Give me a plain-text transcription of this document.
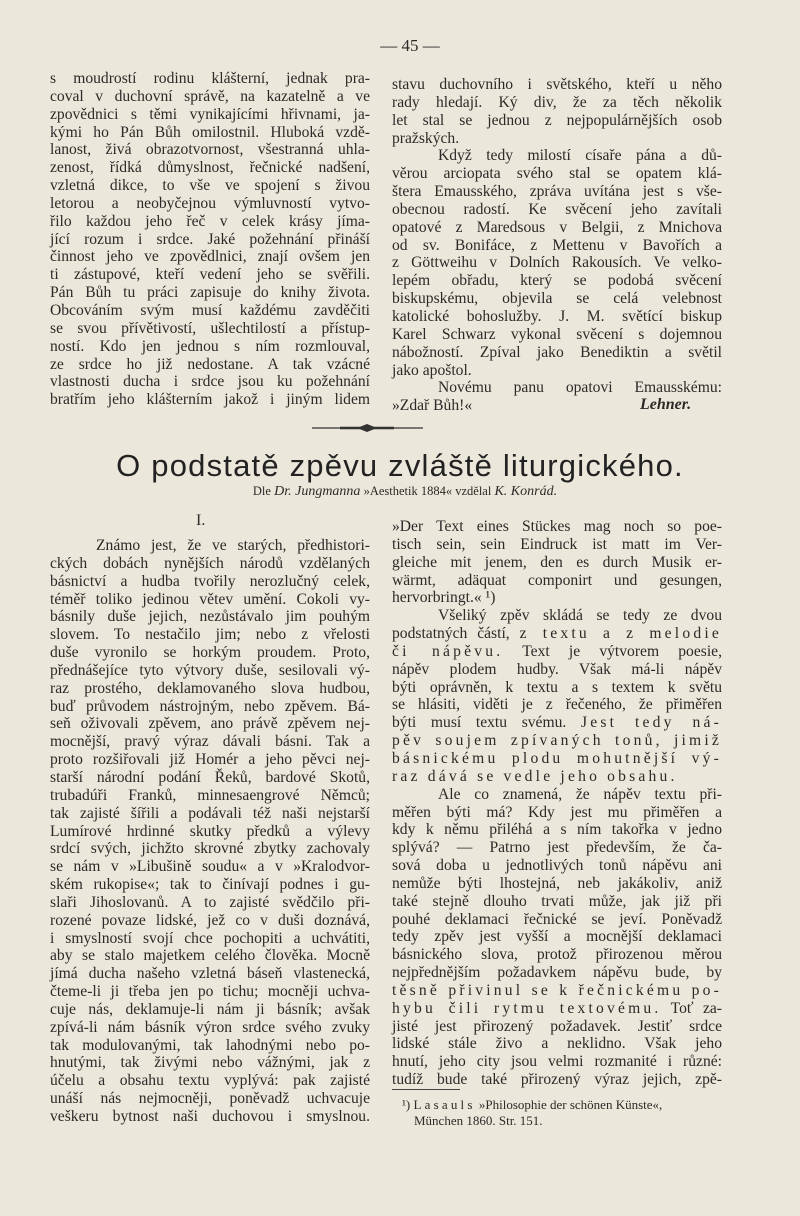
— 45 —
s moudrostí rodinu klášterní, jednak pra-
coval v duchovní správě, na kazatelně a ve
zpovědnici s těmi vynikajícími hřivnami, ja-
kými ho Pán Bůh omilostnil. Hluboká vzdě-
lanost, živá obrazotvornost, všestranná uhla-
zenost, řídká důmyslnost, řečnické nadšení,
vzletná dikce, to vše ve spojení s živou
letorou a neobyčejnou výmluvností vytvo-
řilo každou jeho řeč v celek krásy jíma-
jící rozum i srdce. Jaké požehnání přináší
činnost jeho ve zpovědlnici, znají ovšem jen
ti zástupové, kteří vedení jeho se svěřili.
Pán Bůh tu práci zapisuje do knihy života.
Obcováním svým musí každému zavděčiti
se svou přívětivostí, ušlechtilostí a přístup-
ností. Kdo jen jednou s ním rozmlouval,
ze srdce ho již nedostane. A tak vzácné
vlastnosti ducha i srdce jsou ku požehnání
bratřím jeho klášterním jakož i jiným lidem
stavu duchovního i světského, kteří u něho
rady hledají. Ký div, že za těch několik
let stal se jednou z nejpopulárnějších osob
pražských.
Když tedy milostí císaře pána a dů-
věrou arciopata svého stal se opatem klá-
štera Emausského, zpráva uvítána jest s vše-
obecnou radostí. Ke svěcení jeho zavítali
opatové z Maredsous v Belgii, z Mnichova
od sv. Bonifáce, z Mettenu v Bavořích a
z Göttweihu v Dolních Rakousích. Ve velko-
lepém obřadu, který se podobá svěcení
biskupskému, objevila se celá velebnost
katolické bohoslužby. J. M. světící biskup
Karel Schwarz vykonal svěcení s dojemnou
nábožností. Zpíval jako Benediktin a světil
jako apoštol.
Novému panu opatovi Emausskému:
»Zdař Bůh!«	Lehner.
O podstatě zpěvu zvláště liturgického.
Dle Dr. Jungmanna »Aesthetik 1884« vzdělal K. Konrád.
I.
Známo jest, že ve starých, předhistori-
ckých dobách nynějších národů vzdělaných
básnictví a hudba tvořily nerozlučný celek,
téměř toliko jedinou větev umění. Cokoli vy-
básnily duše jejich, nezůstávalo jim pouhým
slovem. To nestačilo jim; nebo z vřelosti
duše vyronilo se horkým proudem. Proto,
přednášejíce tyto výtvory duše, sesilovali vý-
raz prostého, deklamovaného slova hudbou,
buď průvodem nástrojným, nebo zpěvem. Bá-
seň oživovali zpěvem, ano právě zpěvem nej-
mocnější, pravý výraz dávali básni. Tak a
proto rozšiřovali již Homér a jeho pěvci nej-
starší národní podání Řeků, bardové Skotů,
trubadúři Franků, minnesaengrové Němců;
tak zajisté šířili a podávali též naši nejstarší
Lumírové hrdinné skutky předků a výlevy
srdcí svých, jichžto skrovné zbytky zachovaly
se nám v »Libušině soudu« a v »Kralodvor-
ském rukopise«; tak to činívají podnes i gu-
slaři Jihoslovanů. A to zajisté svědčilo při-
rozené povaze lidské, jež co v duši doznává,
i smyslností svojí chce pochopiti a uchvátiti,
aby se stalo majetkem celého člověka. Mocně
jímá ducha našeho vzletná báseň vlastenecká,
čteme-li ji třeba jen po tichu; mocněji uchva-
cuje nás, deklamuje-li nám ji básník; avšak
zpívá-li nám básník výron srdce svého zvuky
tak modulovanými, tak lahodnými nebo po-
hnutými, tak živými nebo vážnými, jak z
účelu a obsahu textu vyplývá: pak zajisté
unáší nás nejmocněji, poněvadž uchvacuje
veškeru bytnost naši duchovou i smyslnou.
»Der Text eines Stückes mag noch so poe-
tisch sein, sein Eindruck ist matt im Ver-
gleiche mit jenem, den es durch Musik er-
wärmt, adäquat componirt und gesungen,
hervorbringt.« ¹)
Všeliký zpěv skládá se tedy ze dvou
podstatných částí, z textu a z melodie
či nápěvu. Text je výtvorem poesie,
nápěv plodem hudby. Však má-li nápěv
býti oprávněn, k textu a s textem k světu
se hlásiti, viděti je z řečeného, že přiměřen
býti musí textu svému. Jest tedy ná-
pěv soujem zpívaných tonů, jimiž
básnickému plodu mohutnější vý-
raz dává se vedle jeho obsahu.
Ale co znamená, že nápěv textu při-
měřen býti má? Kdy jest mu přiměřen a
kdy k němu přiléhá a s ním takořka v jedno
splývá? — Patrno jest především, že ča-
sová doba u jednotlivých tonů nápěvu ani
nemůže býti lhostejná, neb jakákoliv, aniž
také stejně dlouho trvati může, jak již při
pouhé deklamaci řečnické se jeví. Poněvadž
tedy zpěv jest vyšší a mocnější deklamaci
básnického slova, protož přirozenou měrou
nejpřednějším požadavkem nápěvu bude, by
těsně přivinul se k řečnickému po-
hybu čili rytmu textovému. Toť za-
jisté jest přirozený požadavek. Jestiť srdce
lidské stále živo a neklidno. Však jeho
hnutí, jeho city jsou velmi rozmanité i různé:
tudíž bude také přirozený výraz jejich, zpě-
¹) Lasauls »Philosophie der schönen Künste«,
München 1860. Str. 151.
